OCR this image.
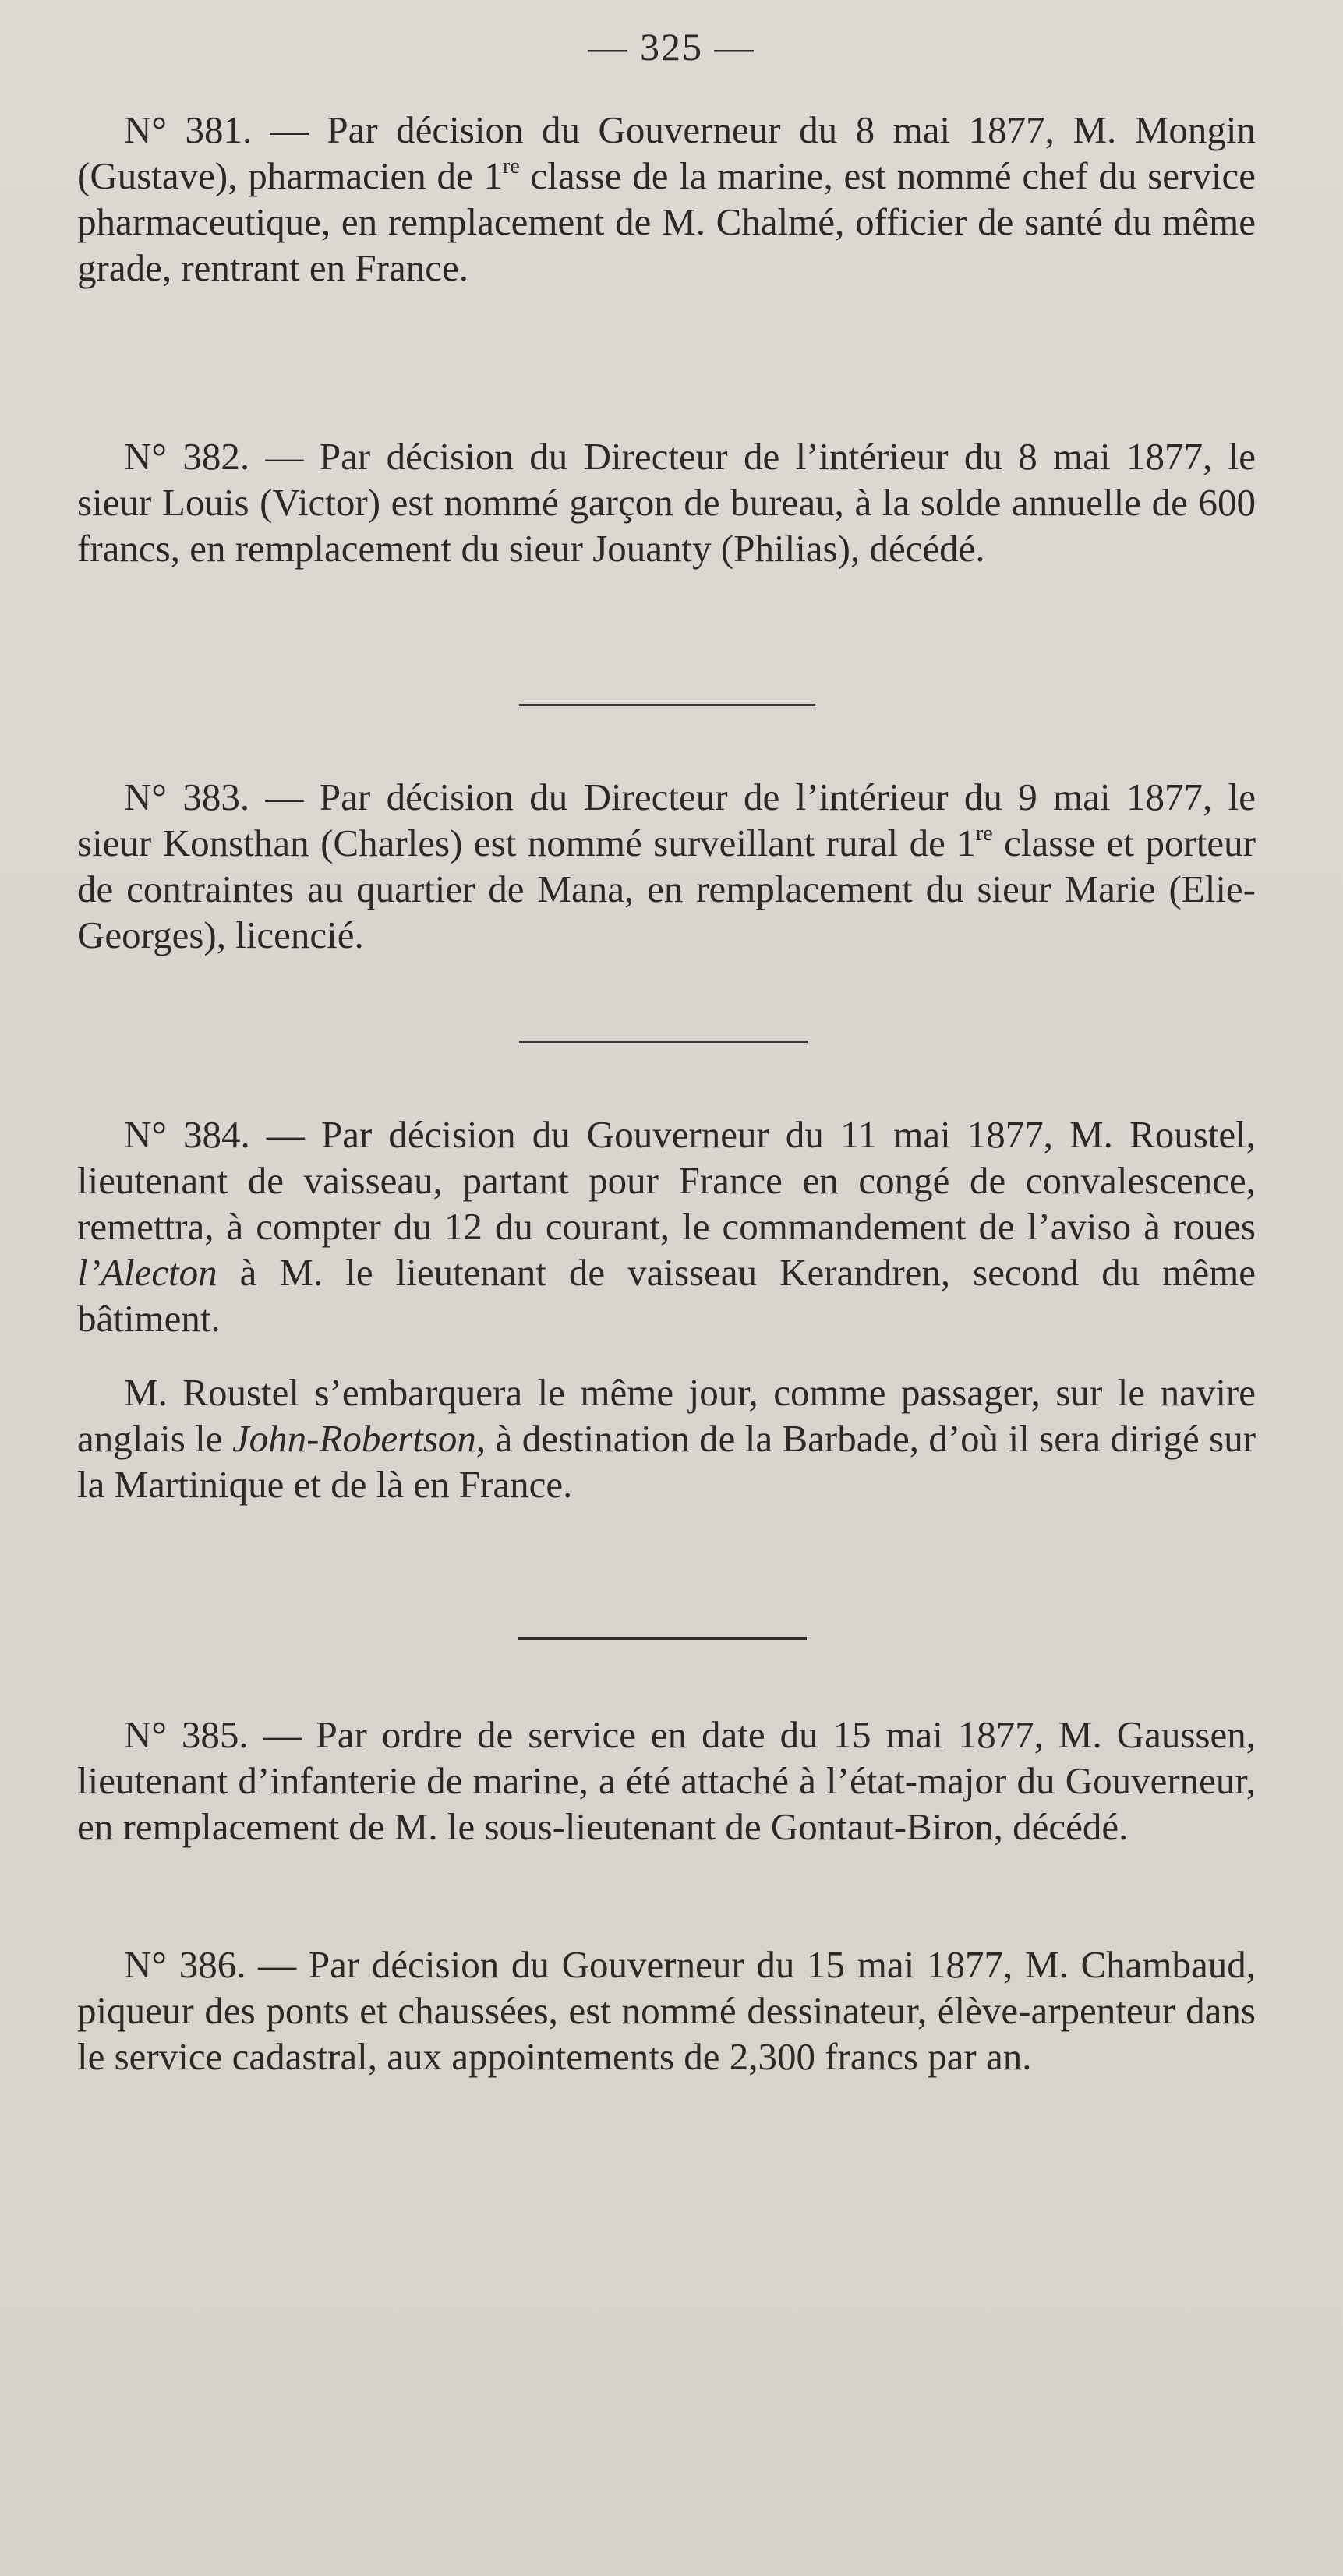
— 325 —

N° 381. — Par décision du Gouverneur du 8 mai 1877, M. Mongin (Gustave), pharmacien de 1re classe de la marine, est nommé chef du service pharmaceutique, en remplacement de M. Chalmé, officier de santé du même grade, rentrant en France.

N° 382. — Par décision du Directeur de l’intérieur du 8 mai 1877, le sieur Louis (Victor) est nommé garçon de bureau, à la solde annuelle de 600 francs, en remplacement du sieur Jouanty (Philias), décédé.

N° 383. — Par décision du Directeur de l’intérieur du 9 mai 1877, le sieur Konsthan (Charles) est nommé surveillant rural de 1re classe et porteur de contraintes au quartier de Mana, en remplacement du sieur Marie (Elie-Georges), licencié.

N° 384. — Par décision du Gouverneur du 11 mai 1877, M. Roustel, lieutenant de vaisseau, partant pour France en congé de convalescence, remettra, à compter du 12 du courant, le commandement de l’aviso à roues l’Alecton à M. le lieutenant de vaisseau Kerandren, second du même bâtiment.

M. Roustel s’embarquera le même jour, comme passager, sur le navire anglais le John-Robertson, à destination de la Barbade, d’où il sera dirigé sur la Martinique et de là en France.

N° 385. — Par ordre de service en date du 15 mai 1877, M. Gaussen, lieutenant d’infanterie de marine, a été attaché à l’état-major du Gouverneur, en remplacement de M. le sous-lieutenant de Gontaut-Biron, décédé.

N° 386. — Par décision du Gouverneur du 15 mai 1877, M. Chambaud, piqueur des ponts et chaussées, est nommé dessinateur, élève-arpenteur dans le service cadastral, aux appointements de 2,300 francs par an.
